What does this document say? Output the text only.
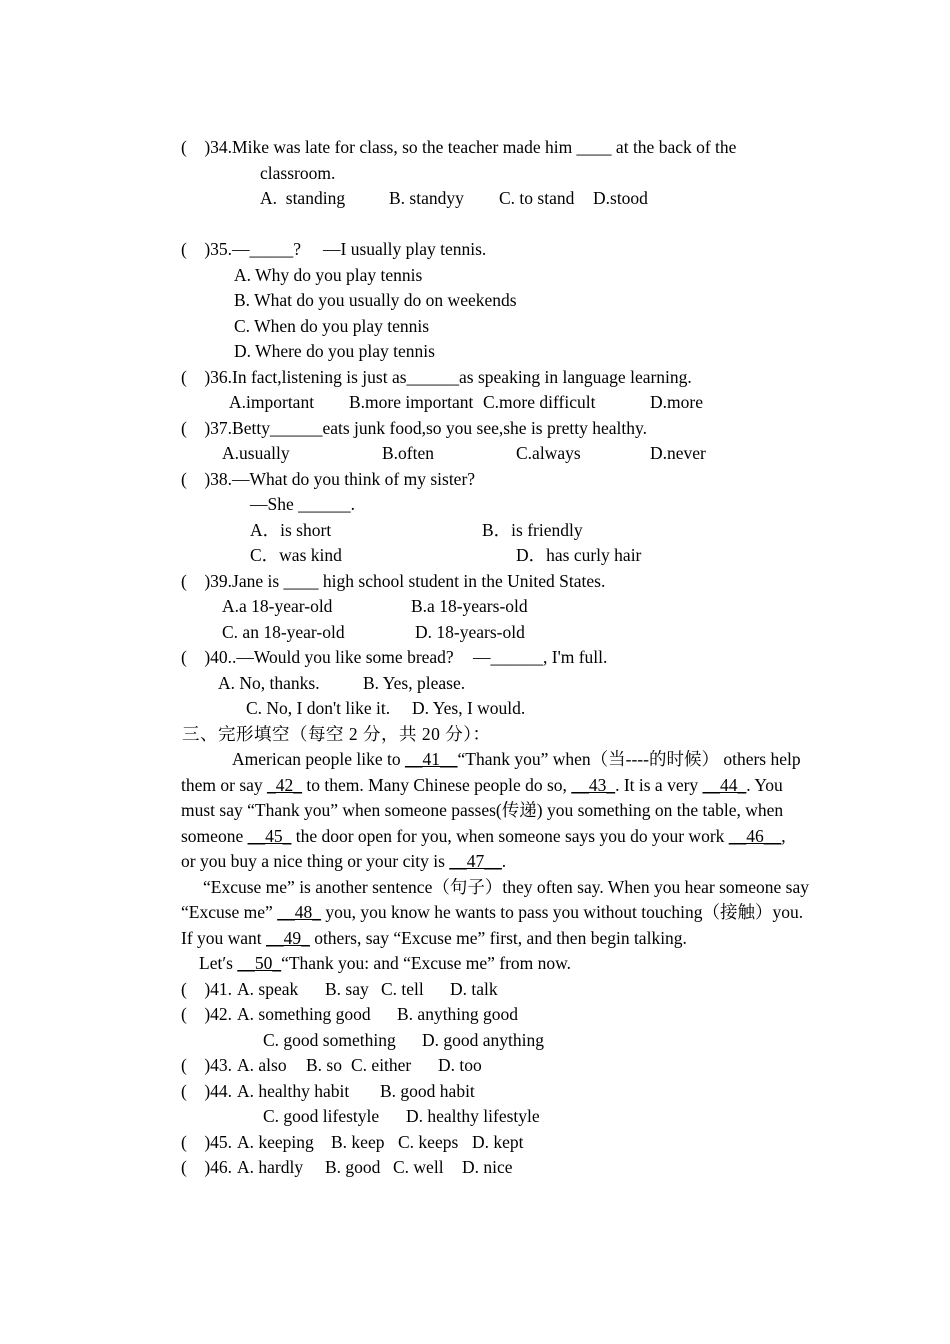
(    )34.Mike was late for class, so the teacher made him ____ at the back of the

classroom.

A.  standing

	B. standyy

C. to stand

D.stood

(    )35.—_____?

—I usually play tennis.

A. Why do you play tennis

B. What do you usually do on weekends

C. When do you play tennis

D. Where do you play tennis

(    )36.In fact,listening is just as______as speaking in language learning.

A.important

B.more important

C.more difficult

	D.more

(    )37.Betty______eats junk food,so you see,she is pretty healthy.

A.usually

	B.often

	C.always

	D.never

(    )38.—What do you think of my sister?

—She ______.

A．is short

	B．is friendly

C．was kind

	D．has curly hair

(    )39.Jane is ____ high school student in the United States.

A.a 18-year-old

	B.a 18-years-old

C. an 18-year-old

	D. 18-years-old

(    )40..—Would you like some bread?

—______, I'm full.

A. No, thanks.

B. Yes, please.

C. No, I don't like it.

D. Yes, I would.

三、完形填空（每空 2 分，共 20 分）：

American people like to __41__“Thank you” when（当----的时候） others help

them or say _42_ to them. Many Chinese people do so, __43_. It is a very __44_. You

must say “Thank you” when someone passes(传递) you something on the table, when

someone __45_ the door open for you, when someone says you do your work __46__,

or you buy a nice thing or your city is __47__.

“Excuse me” is another sentence（句子）they often say. When you hear someone say

“Excuse me” __48_ you, you know he wants to pass you without touching（接触）you.

If you want __49_ others, say “Excuse me” first, and then begin talking.

Let′s __50_“Thank you: and “Excuse me” from now.

(    )41.

A. speak

B. say

C. tell

D. talk

(    )42.

A. something good

B. anything good

C. good something

D. good anything

(    )43.

A. also

B. so

C. either

D. too

(    )44.

A. healthy habit

B. good habit

C. good lifestyle

D. healthy lifestyle

(    )45.

A. keeping

B. keep

C. keeps

D. kept

(    )46.

A. hardly

B. good

C. well

D. nice
